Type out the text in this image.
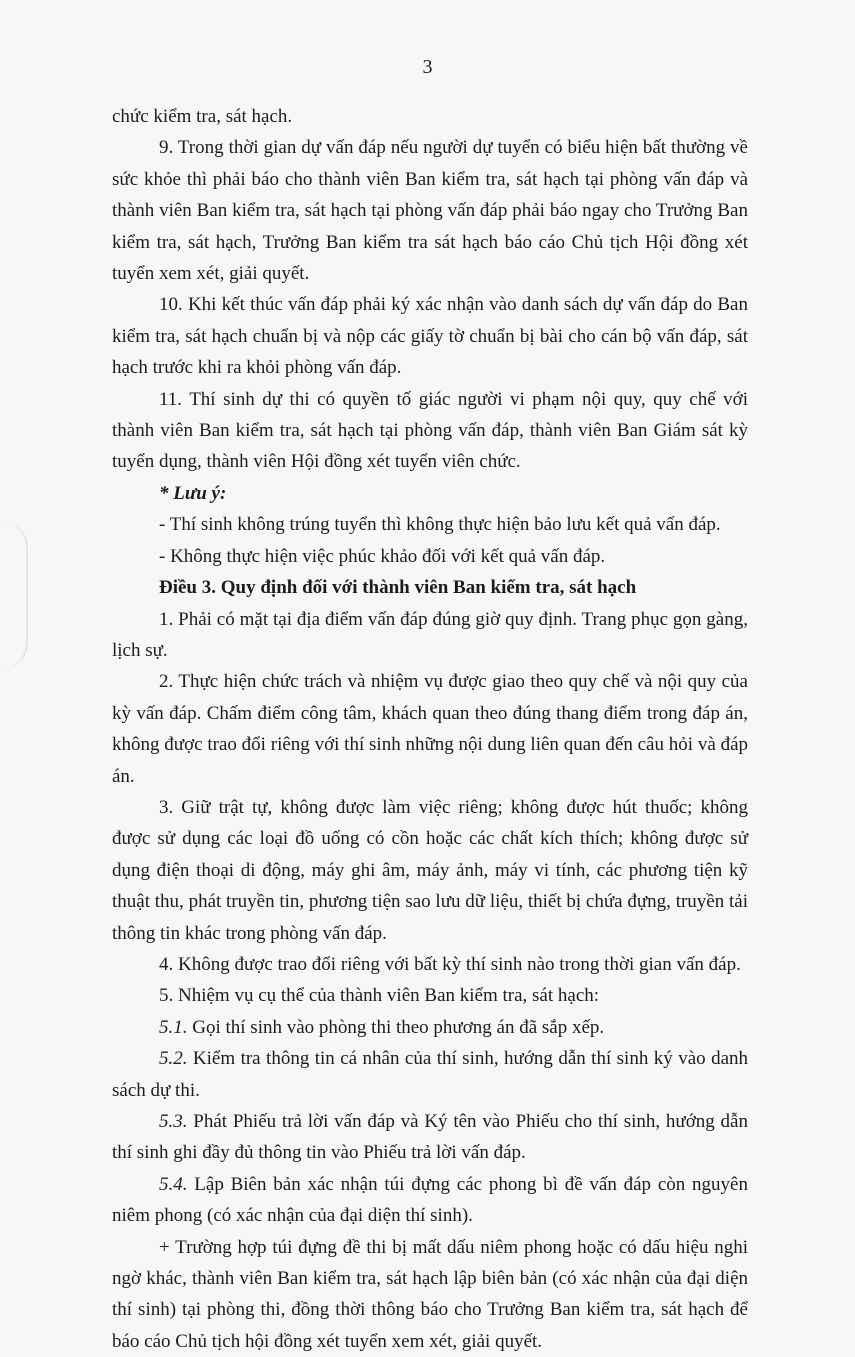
3

chức kiểm tra, sát hạch.

9. Trong thời gian dự vấn đáp nếu người dự tuyển có biểu hiện bất thường về sức khỏe thì phải báo cho thành viên Ban kiểm tra, sát hạch tại phòng vấn đáp và thành viên Ban kiểm tra, sát hạch tại phòng vấn đáp phải báo ngay cho Trưởng Ban kiểm tra, sát hạch, Trưởng Ban kiểm tra sát hạch báo cáo Chủ tịch Hội đồng xét tuyển xem xét, giải quyết.

10. Khi kết thúc vấn đáp phải ký xác nhận vào danh sách dự vấn đáp do Ban kiểm tra, sát hạch chuẩn bị và nộp các giấy tờ chuẩn bị bài cho cán bộ vấn đáp, sát hạch trước khi ra khỏi phòng vấn đáp.

11. Thí sinh dự thi có quyền tố giác người vi phạm nội quy, quy chế với thành viên Ban kiểm tra, sát hạch tại phòng vấn đáp, thành viên Ban Giám sát kỳ tuyển dụng, thành viên Hội đồng xét tuyển viên chức.

* Lưu ý:

- Thí sinh không trúng tuyển thì không thực hiện bảo lưu kết quả vấn đáp.

- Không thực hiện việc phúc khảo đối với kết quả vấn đáp.

Điều 3. Quy định đối với thành viên Ban kiểm tra, sát hạch

1. Phải có mặt tại địa điểm vấn đáp đúng giờ quy định. Trang phục gọn gàng, lịch sự.

2. Thực hiện chức trách và nhiệm vụ được giao theo quy chế và nội quy của kỳ vấn đáp. Chấm điểm công tâm, khách quan theo đúng thang điểm trong đáp án, không được trao đổi riêng với thí sinh những nội dung liên quan đến câu hỏi và đáp án.

3. Giữ trật tự, không được làm việc riêng; không được hút thuốc; không được sử dụng các loại đồ uống có cồn hoặc các chất kích thích; không được sử dụng điện thoại di động, máy ghi âm, máy ảnh, máy vi tính, các phương tiện kỹ thuật thu, phát truyền tin, phương tiện sao lưu dữ liệu, thiết bị chứa đựng, truyền tải thông tin khác trong phòng vấn đáp.

4. Không được trao đổi riêng với bất kỳ thí sinh nào trong thời gian vấn đáp.

5. Nhiệm vụ cụ thể của thành viên Ban kiểm tra, sát hạch:

5.1. Gọi thí sinh vào phòng thi theo phương án đã sắp xếp.

5.2. Kiểm tra thông tin cá nhân của thí sinh, hướng dẫn thí sinh ký vào danh sách dự thi.

5.3. Phát Phiếu trả lời vấn đáp và Ký tên vào Phiếu cho thí sinh, hướng dẫn thí sinh ghi đầy đủ thông tin vào Phiếu trả lời vấn đáp.

5.4. Lập Biên bản xác nhận túi đựng các phong bì đề vấn đáp còn nguyên niêm phong (có xác nhận của đại diện thí sinh).

+ Trường hợp túi đựng đề thi bị mất dấu niêm phong hoặc có dấu hiệu nghi ngờ khác, thành viên Ban kiểm tra, sát hạch lập biên bản (có xác nhận của đại diện thí sinh) tại phòng thi, đồng thời thông báo cho Trưởng Ban kiểm tra, sát hạch để báo cáo Chủ tịch hội đồng xét tuyển xem xét, giải quyết.
